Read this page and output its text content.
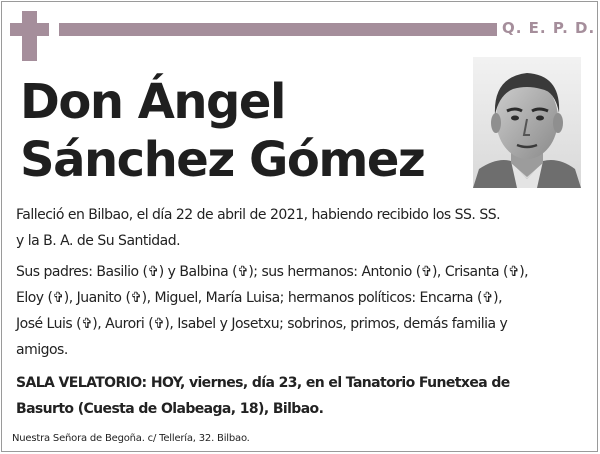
Q. E. P. D.
Don Ángel
Sánchez Gómez
Falleció en Bilbao, el día 22 de abril de 2021, habiendo recibido los SS. SS.
y la B. A. de Su Santidad.
Sus padres: Basilio (✞) y Balbina (✞); sus hermanos: Antonio (✞), Crisanta (✞),
Eloy (✞), Juanito (✞), Miguel, María Luisa; hermanos políticos: Encarna (✞),
José Luis (✞), Aurori (✞), Isabel y Josetxu; sobrinos, primos, demás familia y
amigos.
SALA VELATORIO: HOY, viernes, día 23, en el Tanatorio Funetxea de
Basurto (Cuesta de Olabeaga, 18), Bilbao.
Nuestra Señora de Begoña. c/ Tellería, 32. Bilbao.
